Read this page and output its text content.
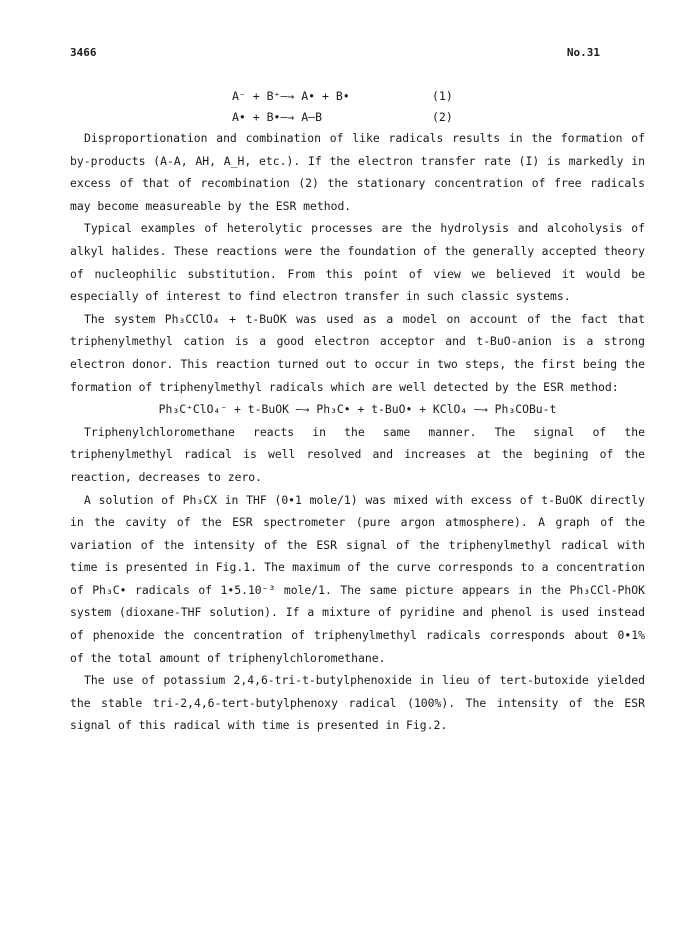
3466	No.31
A⁻ + B⁺—→ A• + B•	(1)
A• + B•—→ A—B	(2)

Disproportionation and combination of like radicals results in the formation of by-products (A-A, AH, A_H, etc.). If the electron transfer rate (I) is markedly in excess of that of recombination (2) the stationary concentration of free radicals may become measureable by the ESR method.

Typical examples of heterolytic processes are the hydrolysis and alcoholysis of alkyl halides. These reactions were the foundation of the generally accepted theory of nucleophilic substitution. From this point of view we believed it would be especially of interest to find electron transfer in such classic systems.

The system Ph₃CClO₄ + t-BuOK was used as a model on account of the fact that triphenylmethyl cation is a good electron acceptor and t-BuO-anion is a strong electron donor. This reaction turned out to occur in two steps, the first being the formation of triphenylmethyl radicals which are well detected by the ESR method:

Ph₃C⁺ClO₄⁻ + t-BuOK —→ Ph₃C• + t-BuO• + KClO₄ —→ Ph₃COBu-t

Triphenylchloromethane reacts in the same manner. The signal of the triphenylmethyl radical is well resolved and increases at the begining of the reaction, decreases to zero.

A solution of Ph₃CX in THF (0•1 mole/1) was mixed with excess of t-BuOK directly in the cavity of the ESR spectrometer (pure argon atmosphere). A graph of the variation of the intensity of the ESR signal of the triphenylmethyl radical with time is presented in Fig.1. The maximum of the curve corresponds to a concentration of Ph₃C• radicals of 1•5.10⁻³ mole/1. The same picture appears in the Ph₃CCl-PhOK system (dioxane-THF solution). If a mixture of pyridine and phenol is used instead of phenoxide the concentration of triphenylmethyl radicals corresponds about 0•1% of the total amount of triphenylchloromethane.

The use of potassium 2,4,6-tri-t-butylphenoxide in lieu of tert-butoxide yielded the stable tri-2,4,6-tert-butylphenoxy radical (100%). The intensity of the ESR signal of this radical with time is presented in Fig.2.
